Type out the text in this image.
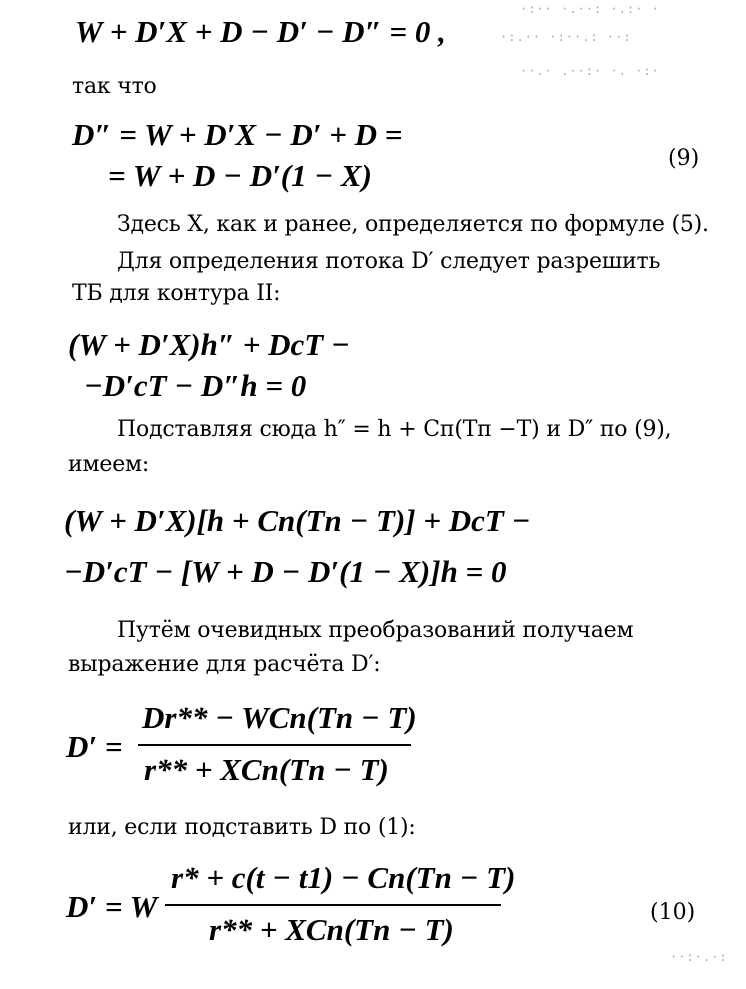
·:·· ·.··: ·.:· ·
·:.·· ·:··.: ··:
··.· .··:· ·. ·:·
W + D′X + D − D′ − D″ = 0 ,
так что
D″ = W + D′X − D′ + D =
= W + D − D′(1 − X)	(9)
Здесь Х, как и ранее, определяется по формуле (5).
Для определения потока D′ следует разрешить
ТБ для контура II:
(W + D′X)h″ + DcT −
−D′cT − D″h = 0
Подставляя сюда h″ = h + Cп(Tп −T) и D″ по (9),
имеем:
(W + D′X)[h + Cn(Tn − T)] + DcT −
−D′cT − [W + D − D′(1 − X)]h = 0
Путём очевидных преобразований получаем
выражение для расчёта D′:
D′ =
Dr** − WCn(Tn − T)
r** + XCn(Tn − T)
или, если подставить D по (1):
D′ = W
r* + c(t − t1) − Cn(Tn − T)
r** + XCn(Tn − T)	(10)
··:·.·:
